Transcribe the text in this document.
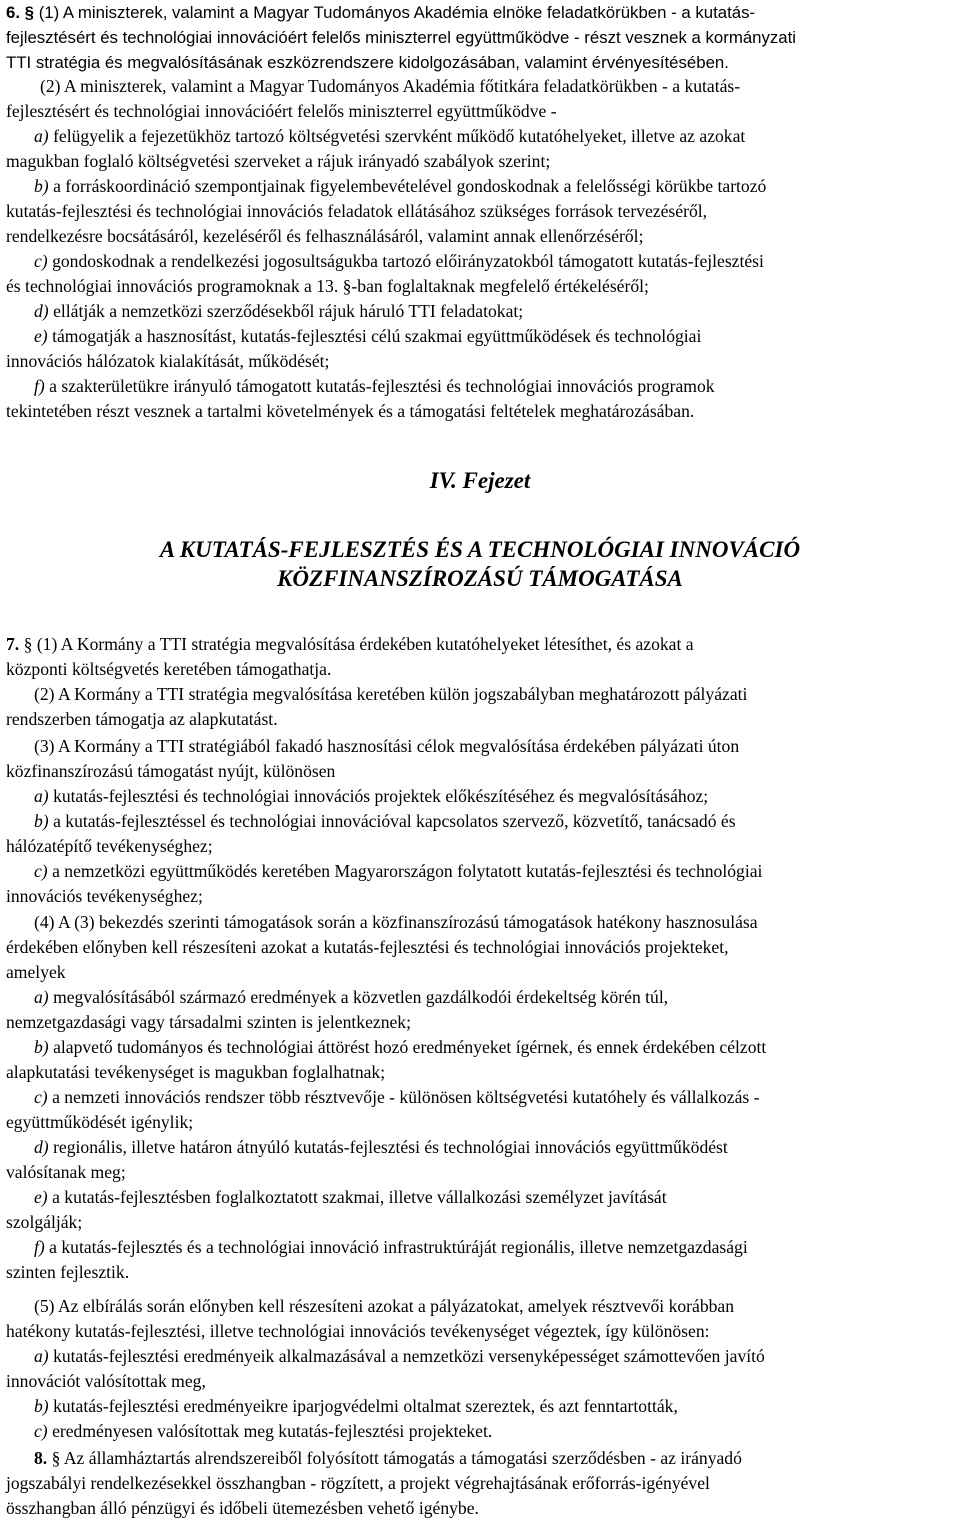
6. § (1) A miniszterek, valamint a Magyar Tudományos Akadémia elnöke feladatkörükben - a kutatás-
fejlesztésért és technológiai innovációért felelős miniszterrel együttműködve - részt vesznek a kormányzati
TTI stratégia és megvalósításának eszközrendszere kidolgozásában, valamint érvényesítésében.
(2) A miniszterek, valamint a Magyar Tudományos Akadémia főtitkára feladatkörükben - a kutatás-
fejlesztésért és technológiai innovációért felelős miniszterrel együttműködve -
a) felügyelik a fejezetükhöz tartozó költségvetési szervként működő kutatóhelyeket, illetve az azokat
magukban foglaló költségvetési szerveket a rájuk irányadó szabályok szerint;
b) a forráskoordináció szempontjainak figyelembevételével gondoskodnak a felelősségi körükbe tartozó
kutatás-fejlesztési és technológiai innovációs feladatok ellátásához szükséges források tervezéséről,
rendelkezésre bocsátásáról, kezeléséről és felhasználásáról, valamint annak ellenőrzéséről;
c) gondoskodnak a rendelkezési jogosultságukba tartozó előirányzatokból támogatott kutatás-fejlesztési
és technológiai innovációs programoknak a 13. §-ban foglaltaknak megfelelő értékeléséről;
d) ellátják a nemzetközi szerződésekből rájuk háruló TTI feladatokat;
e) támogatják a hasznosítást, kutatás-fejlesztési célú szakmai együttműködések és technológiai
innovációs hálózatok kialakítását, működését;
f) a szakterületükre irányuló támogatott kutatás-fejlesztési és technológiai innovációs programok
tekintetében részt vesznek a tartalmi követelmények és a támogatási feltételek meghatározásában.

IV. Fejezet

A KUTATÁS-FEJLESZTÉS ÉS A TECHNOLÓGIAI INNOVÁCIÓ

KÖZFINANSZÍROZÁSÚ TÁMOGATÁSA

7. § (1) A Kormány a TTI stratégia megvalósítása érdekében kutatóhelyeket létesíthet, és azokat a
központi költségvetés keretében támogathatja.
(2) A Kormány a TTI stratégia megvalósítása keretében külön jogszabályban meghatározott pályázati
rendszerben támogatja az alapkutatást.
(3) A Kormány a TTI stratégiából fakadó hasznosítási célok megvalósítása érdekében pályázati úton
közfinanszírozású támogatást nyújt, különösen
a) kutatás-fejlesztési és technológiai innovációs projektek előkészítéséhez és megvalósításához;
b) a kutatás-fejlesztéssel és technológiai innovációval kapcsolatos szervező, közvetítő, tanácsadó és
hálózatépítő tevékenységhez;
c) a nemzetközi együttműködés keretében Magyarországon folytatott kutatás-fejlesztési és technológiai
innovációs tevékenységhez;
(4) A (3) bekezdés szerinti támogatások során a közfinanszírozású támogatások hatékony hasznosulása
érdekében előnyben kell részesíteni azokat a kutatás-fejlesztési és technológiai innovációs projekteket,
amelyek
a) megvalósításából származó eredmények a közvetlen gazdálkodói érdekeltség körén túl,
nemzetgazdasági vagy társadalmi szinten is jelentkeznek;
b) alapvető tudományos és technológiai áttörést hozó eredményeket ígérnek, és ennek érdekében célzott
alapkutatási tevékenységet is magukban foglalhatnak;
c) a nemzeti innovációs rendszer több résztvevője - különösen költségvetési kutatóhely és vállalkozás -
együttműködését igénylik;
d) regionális, illetve határon átnyúló kutatás-fejlesztési és technológiai innovációs együttműködést
valósítanak meg;
e) a kutatás-fejlesztésben foglalkoztatott szakmai, illetve vállalkozási személyzet javítását
szolgálják;
f) a kutatás-fejlesztés és a technológiai innováció infrastruktúráját regionális, illetve nemzetgazdasági
szinten fejlesztik.
(5) Az elbírálás során előnyben kell részesíteni azokat a pályázatokat, amelyek résztvevői korábban
hatékony kutatás-fejlesztési, illetve technológiai innovációs tevékenységet végeztek, így különösen:
a) kutatás-fejlesztési eredményeik alkalmazásával a nemzetközi versenyképességet számottevően javító
innovációt valósítottak meg,
b) kutatás-fejlesztési eredményeikre iparjogvédelmi oltalmat szereztek, és azt fenntartották,
c) eredményesen valósítottak meg kutatás-fejlesztési projekteket.
8. § Az államháztartás alrendszereiből folyósított támogatás a támogatási szerződésben - az irányadó
jogszabályi rendelkezésekkel összhangban - rögzített, a projekt végrehajtásának erőforrás-igényével
összhangban álló pénzügyi és időbeli ütemezésben vehető igénybe.
